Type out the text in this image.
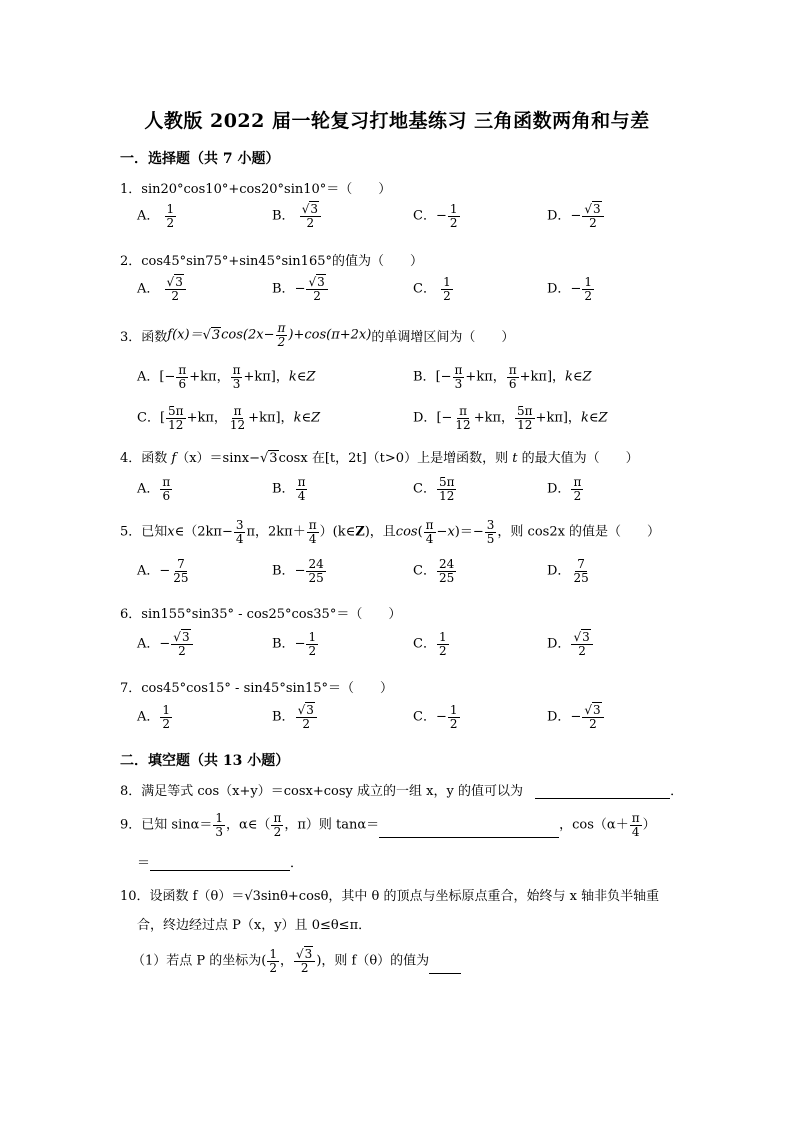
人教版 2022 届一轮复习打地基练习 三角函数两角和与差
一．选择题（共 7 小题）
1．sin20°cos10°+cos20°sin10°＝（　　）
A． $\frac{1}{2}$	B． $\frac{√3}{2}$	C．− $\frac{1}{2}$	D．− $\frac{√3}{2}$
2．cos45°sin75°+sin45°sin165°的值为（　　）
A． $\frac{√3}{2}$	B．− $\frac{√3}{2}$	C． $\frac{1}{2}$	D．− $\frac{1}{2}$
3．函数$f(x)=√3\cos(2x- \frac{\pi}{2} )+\cos(\pi+2x)$的单调增区间为（　　）
A．[− $\frac{\pi}{6} +k\pi$， $\frac{\pi}{3} +k\pi$]，k∈Z	B．[− $\frac{\pi}{3} +k\pi$， $\frac{\pi}{6} +k\pi$]，k∈Z
C．[ $\frac{5\pi}{12} +k\pi$， $\frac{\pi}{12} +k\pi$]，k∈Z	D．[− $\frac{\pi}{12} +k\pi$， $\frac{5\pi}{12} +k\pi$]，k∈Z
4．函数 f（x）＝sinx−√3cosx 在[t，2t]（t>0）上是增函数，则 t 的最大值为（　　）
A． $\frac{\pi}{6}$	B． $\frac{\pi}{4}$	C． $\frac{5\pi}{12}$	D． $\frac{\pi}{2}$
5．已知x∈（2kπ− $\frac{3}{4}$ π，$2k\pi+ \frac{\pi}{4}$ ）(k∈Z)，且$\cos( \frac{\pi}{4} -x)=- \frac{3}{5}$ ，则 cos2x 的值是（　　）
A．− $\frac{7}{25}$	B．− $\frac{24}{25}$	C． $\frac{24}{25}$	D． $\frac{7}{25}$
6．sin155°sin35° - cos25°cos35°＝（　　）
A．− $\frac{√3}{2}$	B．− $\frac{1}{2}$	C． $\frac{1}{2}$	D． $\frac{√3}{2}$
7．cos45°cos15° - sin45°sin15°＝（　　）
A． $\frac{1}{2}$	B． $\frac{√3}{2}$	C．− $\frac{1}{2}$	D．− $\frac{√3}{2}$
二．填空题（共 13 小题）
8．满足等式 cos（x+y）＝cosx+cosy 成立的一组 x，y 的值可以为	．
9．已知 $\sin\alpha= \frac{1}{3}$ ，α∈（ $\frac{\pi}{2}$ ，π）则 tanα＝	，$\cos(\alpha+ \frac{\pi}{4}$ ）
＝	．
10．设函数 f（θ）＝√3sinθ+cosθ，其中 θ 的顶点与坐标原点重合，始终与 x 轴非负半轴重
合，终边经过点 P（x，y）且 0≤θ≤π．
（1）若点 P 的坐标为( $\frac{1}{2}$ ， $\frac{√3}{2}$ )，则 f（θ）的值为
